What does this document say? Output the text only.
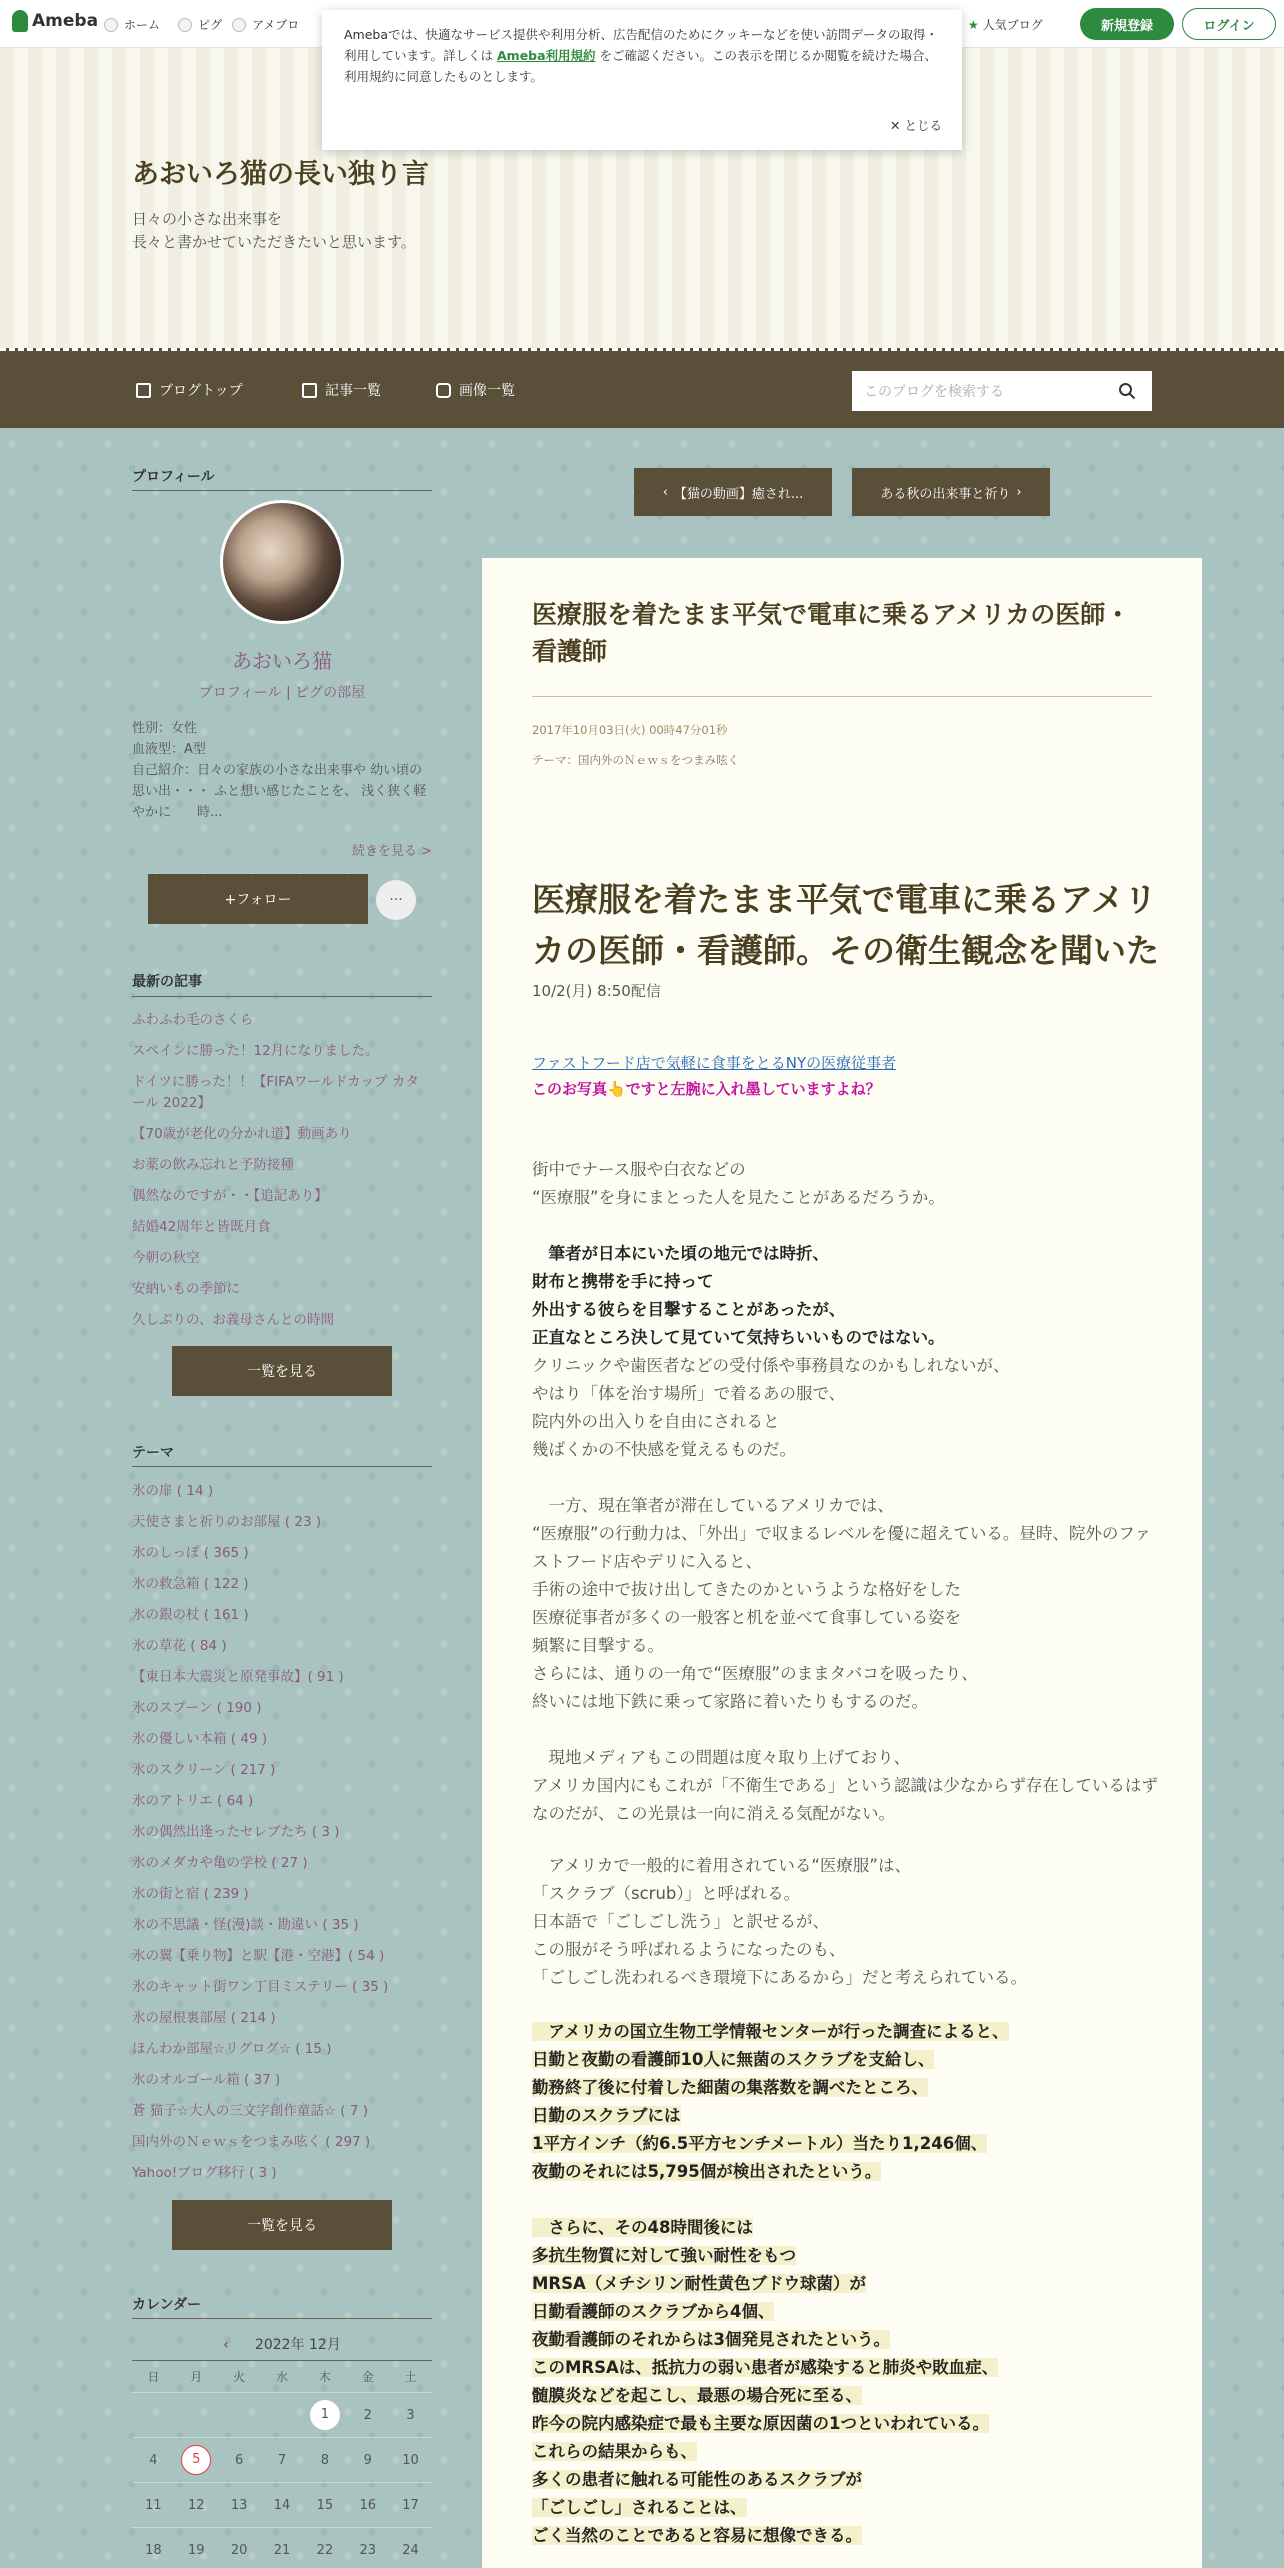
Ameba ホーム	ピグ アメブロ	★ 人気ブログ	新規登録	ログイン
あおいろ猫の長い独り言
日々の小さな出来事を
長々と書かせていただきたいと思います。
Amebaでは、快適なサービス提供や利用分析、広告配信のためにクッキーなどを使い訪問データの取得・利用しています。詳しくは Ameba利用規約 をご確認ください。この表示を閉じるか閲覧を続けた場合、利用規約に同意したものとします。
✕ とじる
ブログトップ	記事一覧	画像一覧	このブログを検索する
プロフィール
あおいろ猫
プロフィール | ピグの部屋
性別：女性
血液型：A型
自己紹介：日々の家族の小さな出来事や 幼い頃の思い出・・・ ふと想い感じたことを、 浅く狭く軽やかに　　時...
続きを見る >
+フォロー	···
最新の記事
ふわふわ毛のさくら
スペインに勝った！12月になりました。
ドイツに勝った！！【FIFAワールドカップ カタール 2022】
【70歳が老化の分かれ道】動画あり
お薬の飲み忘れと予防接種
偶然なのですが・・【追記あり】
結婚42周年と皆既月食
今朝の秋空
安納いもの季節に
久しぶりの、お義母さんとの時間
一覧を見る
テーマ
氷の扉 ( 14 )
天使さまと祈りのお部屋 ( 23 )
氷のしっぽ ( 365 )
氷の救急箱 ( 122 )
氷の銀の杖 ( 161 )
氷の草花 ( 84 )
【東日本大震災と原発事故】( 91 )
氷のスプーン ( 190 )
氷の優しい本箱 ( 49 )
氷のスクリーン ( 217 )
氷のアトリエ ( 64 )
氷の偶然出逢ったセレブたち ( 3 )
氷のメダカや亀の学校 ( 27 )
氷の街と宿 ( 239 )
氷の不思議・怪(漫)談・勘違い ( 35 )
氷の翼【乗り物】と駅【港・空港】( 54 )
氷のキャット街ワン丁目ミステリー ( 35 )
氷の屋根裏部屋 ( 214 )
ほんわか部屋☆リグログ☆ ( 15 )
氷のオルゴール箱 ( 37 )
蒼 猫子☆大人の三文字創作童話☆ ( 7 )
国内外のＮｅｗｓをつまみ呟く ( 297 )
Yahoo!ブログ移行 ( 3 )
一覧を見る
カレンダー
‹ 2022年 12月
日	月	火	水	木	金	土
				1	2	3
4	5	6	7	8	9	10
11	12	13	14	15	16	17
18	19	20	21	22	23	24
‹ 【猫の動画】癒され...	ある秋の出来事と祈り ›
医療服を着たまま平気で電車に乗るアメリカの医師・看護師
2017年10月03日(火) 00時47分01秒
テーマ：国内外のＮｅｗｓをつまみ呟く
医療服を着たまま平気で電車に乗るアメリカの医師・看護師。その衛生観念を聞いた
10/2(月) 8:50配信
ファストフード店で気軽に食事をとるNYの医療従事者
このお写真👆ですと左腕に入れ墨していますよね？
街中でナース服や白衣などの
“医療服”を身にまとった人を見たことがあるだろうか。
　筆者が日本にいた頃の地元では時折、
財布と携帯を手に持って
外出する彼らを目撃することがあったが、
正直なところ決して見ていて気持ちいいものではない。
クリニックや歯医者などの受付係や事務員なのかもしれないが、
やはり「体を治す場所」で着るあの服で、
院内外の出入りを自由にされると
幾ばくかの不快感を覚えるものだ。
　一方、現在筆者が滞在しているアメリカでは、
“医療服”の行動力は、「外出」で収まるレベルを優に超えている。昼時、院外のファストフード店やデリに入ると、
手術の途中で抜け出してきたのかというような格好をした
医療従事者が多くの一般客と机を並べて食事している姿を
頻繁に目撃する。
さらには、通りの一角で“医療服”のままタバコを吸ったり、
終いには地下鉄に乗って家路に着いたりもするのだ。
　現地メディアもこの問題は度々取り上げており、
アメリカ国内にもこれが「不衛生である」という認識は少なからず存在しているはずなのだが、この光景は一向に消える気配がない。
　アメリカで一般的に着用されている“医療服”は、
「スクラブ（scrub）」と呼ばれる。
日本語で「ごしごし洗う」と訳せるが、
この服がそう呼ばれるようになったのも、
「ごしごし洗われるべき環境下にあるから」だと考えられている。
　アメリカの国立生物工学情報センターが行った調査によると、
日勤と夜勤の看護師10人に無菌のスクラブを支給し、
勤務終了後に付着した細菌の集落数を調べたところ、
日勤のスクラブには
1平方インチ（約6.5平方センチメートル）当たり1,246個、
夜勤のそれには5,795個が検出されたという。
　さらに、その48時間後には
多抗生物質に対して強い耐性をもつ
MRSA（メチシリン耐性黄色ブドウ球菌）が
日勤看護師のスクラブから4個、
夜勤看護師のそれからは3個発見されたという。
このMRSAは、抵抗力の弱い患者が感染すると肺炎や敗血症、
髄膜炎などを起こし、最悪の場合死に至る、
昨今の院内感染症で最も主要な原因菌の1つといわれている。
これらの結果からも、
多くの患者に触れる可能性のあるスクラブが
「ごしごし」されることは、
ごく当然のことであると容易に想像できる。
